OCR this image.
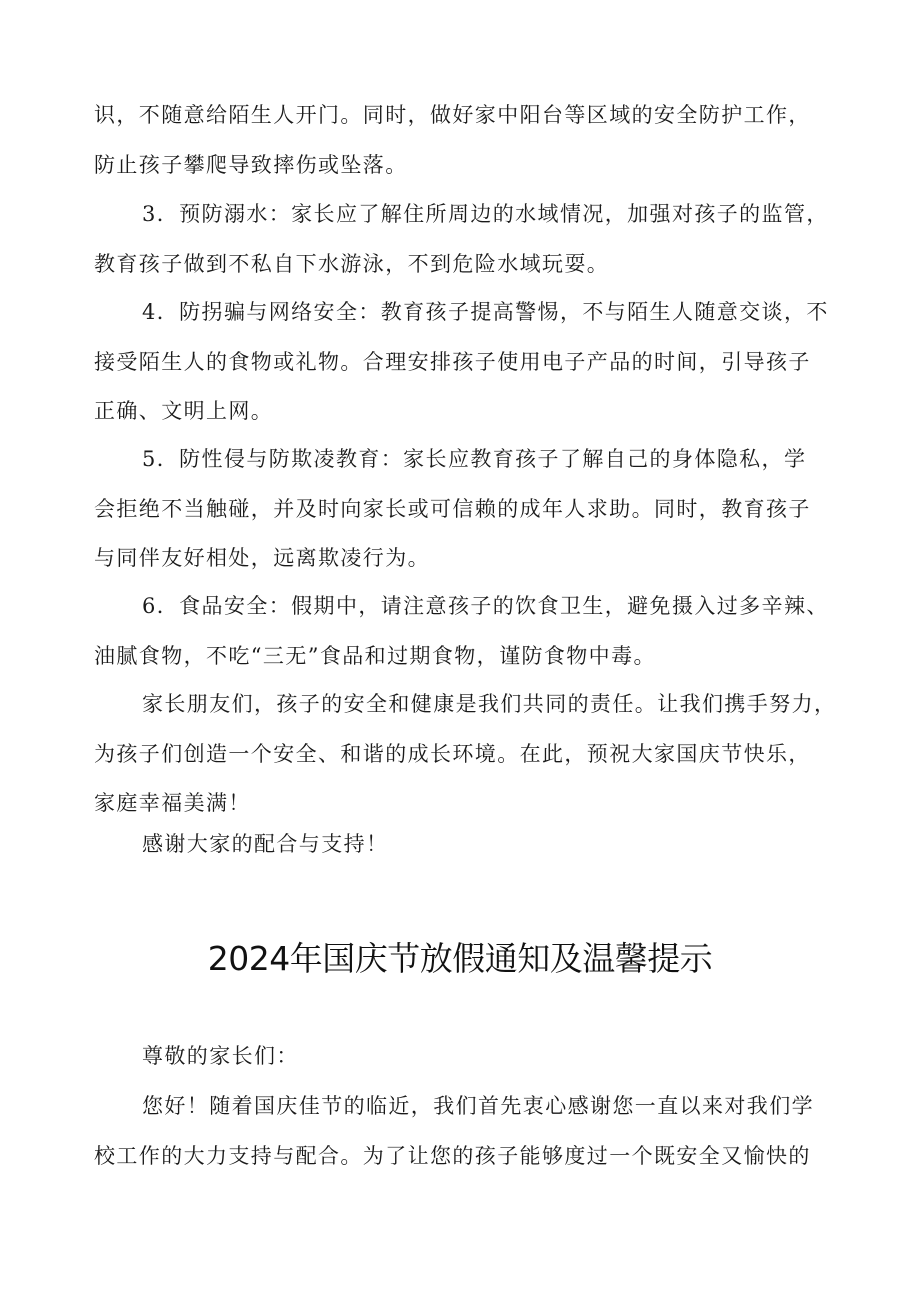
识，不随意给陌生人开门。同时，做好家中阳台等区域的安全防护工作，
防止孩子攀爬导致摔伤或坠落。
3．预防溺水：家长应了解住所周边的水域情况，加强对孩子的监管，
教育孩子做到不私自下水游泳，不到危险水域玩耍。
4．防拐骗与网络安全：教育孩子提高警惕，不与陌生人随意交谈，不
接受陌生人的食物或礼物。合理安排孩子使用电子产品的时间，引导孩子
正确、文明上网。
5．防性侵与防欺凌教育：家长应教育孩子了解自己的身体隐私，学
会拒绝不当触碰，并及时向家长或可信赖的成年人求助。同时，教育孩子
与同伴友好相处，远离欺凌行为。
6．食品安全：假期中，请注意孩子的饮食卫生，避免摄入过多辛辣、
油腻食物，不吃“三无”食品和过期食物，谨防食物中毒。
家长朋友们，孩子的安全和健康是我们共同的责任。让我们携手努力，
为孩子们创造一个安全、和谐的成长环境。在此，预祝大家国庆节快乐，
家庭幸福美满！
感谢大家的配合与支持！
2024年国庆节放假通知及温馨提示
尊敬的家长们：
您好！随着国庆佳节的临近，我们首先衷心感谢您一直以来对我们学
校工作的大力支持与配合。为了让您的孩子能够度过一个既安全又愉快的
